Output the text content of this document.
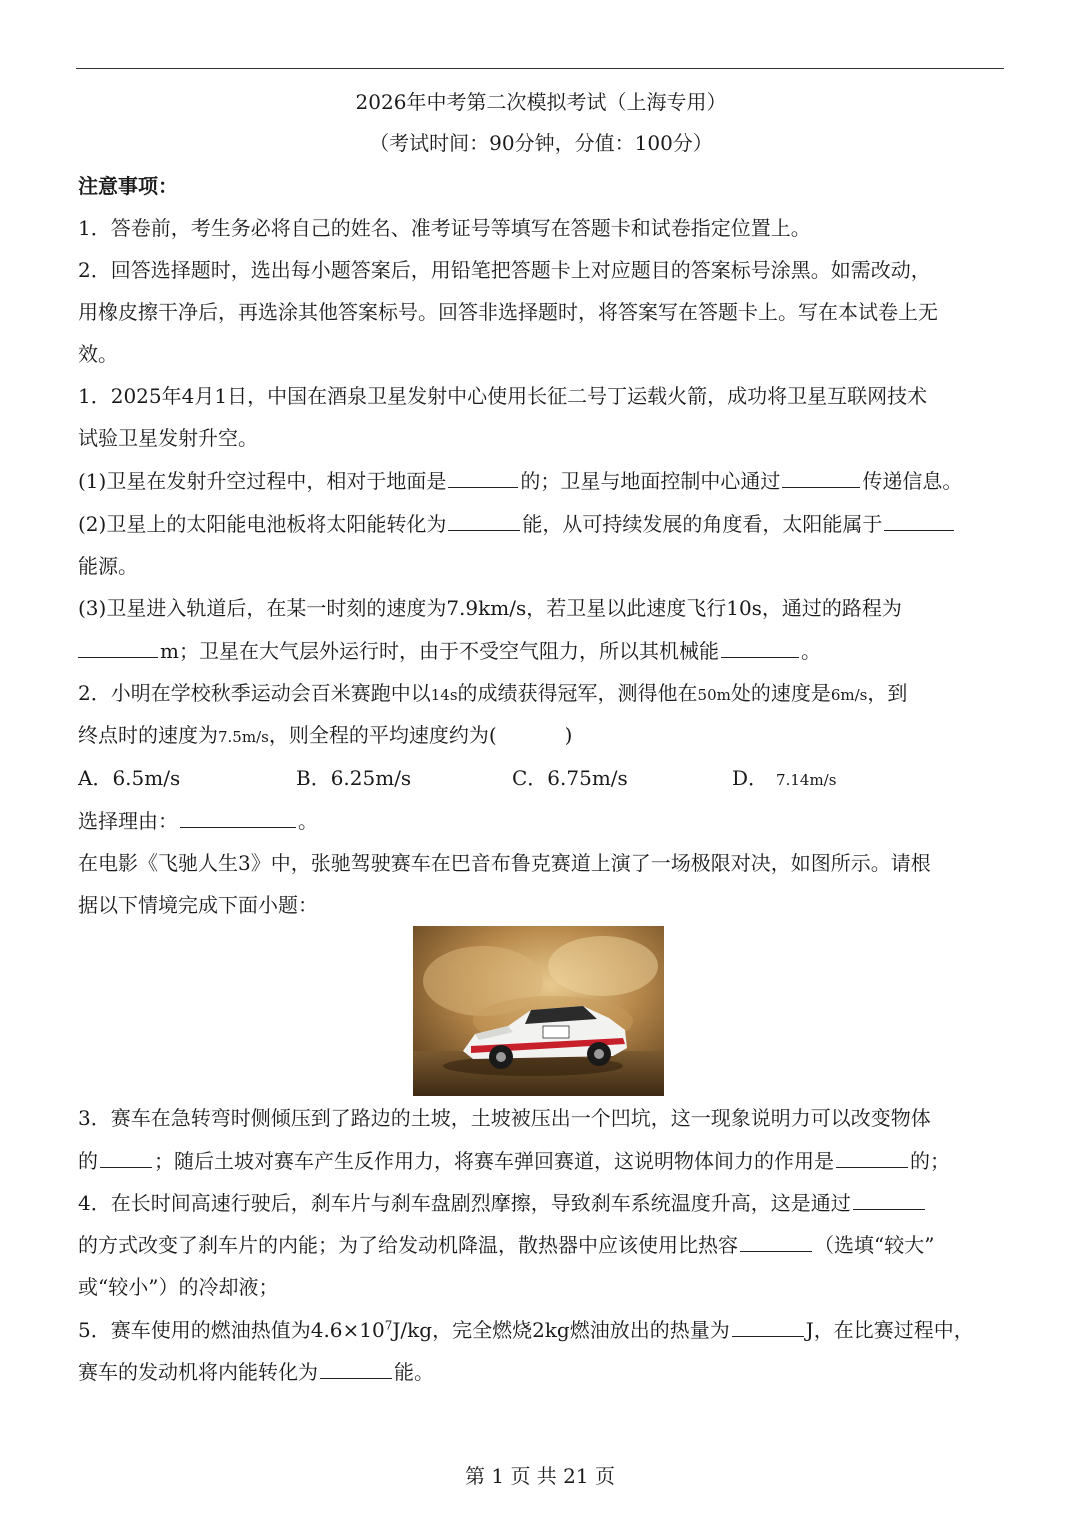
2026年中考第二次模拟考试（上海专用）
（考试时间：90分钟，分值：100分）
注意事项：
1．答卷前，考生务必将自己的姓名、准考证号等填写在答题卡和试卷指定位置上。
2．回答选择题时，选出每小题答案后，用铅笔把答题卡上对应题目的答案标号涂黑。如需改动，
用橡皮擦干净后，再选涂其他答案标号。回答非选择题时，将答案写在答题卡上。写在本试卷上无
效。
1．2025年4月1日，中国在酒泉卫星发射中心使用长征二号丁运载火箭，成功将卫星互联网技术
试验卫星发射升空。
(1)卫星在发射升空过程中，相对于地面是	的；卫星与地面控制中心通过	传递信息。
(2)卫星上的太阳能电池板将太阳能转化为	能，从可持续发展的角度看，太阳能属于
能源。
(3)卫星进入轨道后，在某一时刻的速度为7.9km/s，若卫星以此速度飞行10s，通过的路程为
m；卫星在大气层外运行时，由于不受空气阻力，所以其机械能	。
2．小明在学校秋季运动会百米赛跑中以14s的成绩获得冠军，测得他在50m处的速度是6m/s，到
终点时的速度为7.5m/s，则全程的平均速度约为(	)
A．6.5m/s	B．6.25m/s	C．6.75m/s	D． 7.14m/s
选择理由：	。
在电影《飞驰人生3》中，张驰驾驶赛车在巴音布鲁克赛道上演了一场极限对决，如图所示。请根
据以下情境完成下面小题：
3．赛车在急转弯时侧倾压到了路边的土坡，土坡被压出一个凹坑，这一现象说明力可以改变物体
的	；随后土坡对赛车产生反作用力，将赛车弹回赛道，这说明物体间力的作用是	的；
4．在长时间高速行驶后，刹车片与刹车盘剧烈摩擦，导致刹车系统温度升高，这是通过
的方式改变了刹车片的内能；为了给发动机降温，散热器中应该使用比热容	（选填“较大”
或“较小”）的冷却液；
5．赛车使用的燃油热值为$4.6\times 10^7J/kg$，完全燃烧2kg燃油放出的热量为	J，在比赛过程中，
赛车的发动机将内能转化为	能。
第 1 页 共 21 页
